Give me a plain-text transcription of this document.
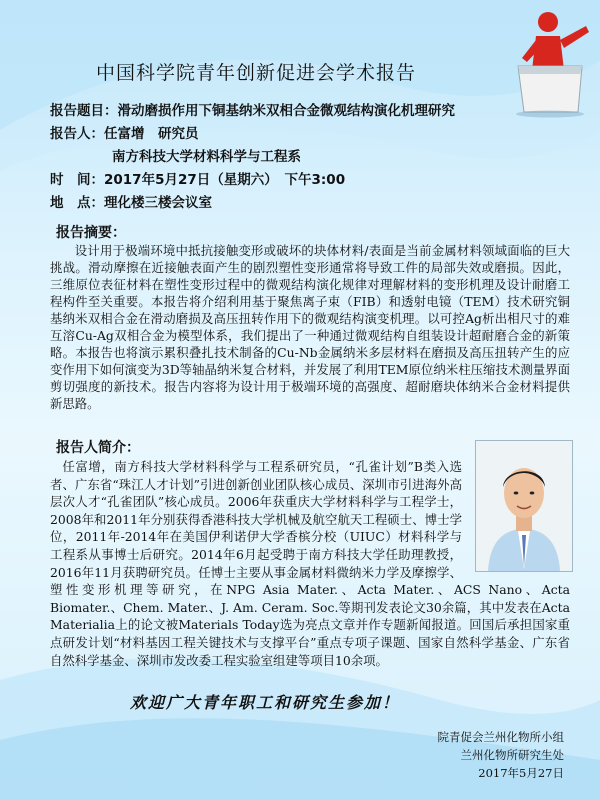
中国科学院青年创新促进会学术报告
报告题目：滑动磨损作用下铜基纳米双相合金微观结构演化机理研究
报告人：任富增　研究员
南方科技大学材料科学与工程系
时　间：2017年5月27日（星期六）　下午3:00
地　点：理化楼三楼会议室
报告摘要：
设计用于极端环境中抵抗接触变形或破坏的块体材料/表面是当前金属材料领域面临的巨大挑战。滑动摩擦在近接触表面产生的剧烈塑性变形通常将导致工件的局部失效或磨损。因此，三维原位表征材料在塑性变形过程中的微观结构演化规律对理解材料的变形机理及设计耐磨工程构件至关重要。本报告将介绍利用基于聚焦离子束（FIB）和透射电镜（TEM）技术研究铜基纳米双相合金在滑动磨损及高压扭转作用下的微观结构演变机理。以可控Ag析出相尺寸的难互溶Cu-Ag双相合金为模型体系，我们提出了一种通过微观结构自组装设计超耐磨合金的新策略。本报告也将演示累积叠扎技术制备的Cu-Nb金属纳米多层材料在磨损及高压扭转产生的应变作用下如何演变为3D等轴晶纳米复合材料，并发展了利用TEM原位纳米柱压缩技术测量界面剪切强度的新技术。报告内容将为设计用于极端环境的高强度、超耐磨块体纳米合金材料提供新思路。
报告人简介：
任富增，南方科技大学材料科学与工程系研究员，“孔雀计划”B类入选者、广东省“珠江人才计划”引进创新创业团队核心成员、深圳市引进海外高层次人才“孔雀团队”核心成员。2006年获重庆大学材料科学与工程学士，2008年和2011年分别获得香港科技大学机械及航空航天工程硕士、博士学位，2011年-2014年在美国伊利诺伊大学香槟分校（UIUC）材料科学与工程系从事博士后研究。2014年6月起受聘于南方科技大学任助理教授，2016年11月获聘研究员。任博士主要从事金属材料微纳米力学及摩擦学、塑性变形机理等研究，在NPG Asia Mater.、Acta Mater.、ACS Nano、Acta Biomater.、Chem. Mater.、J. Am. Ceram. Soc.等期刊发表论文30余篇，其中发表在Acta Materialia上的论文被Materials Today选为亮点文章并作专题新闻报道。回国后承担国家重点研发计划“材料基因工程关键技术与支撑平台”重点专项子课题、国家自然科学基金、广东省自然科学基金、深圳市发改委工程实验室组建等项目10余项。
欢迎广大青年职工和研究生参加！
院青促会兰州化物所小组
兰州化物所研究生处
2017年5月27日
